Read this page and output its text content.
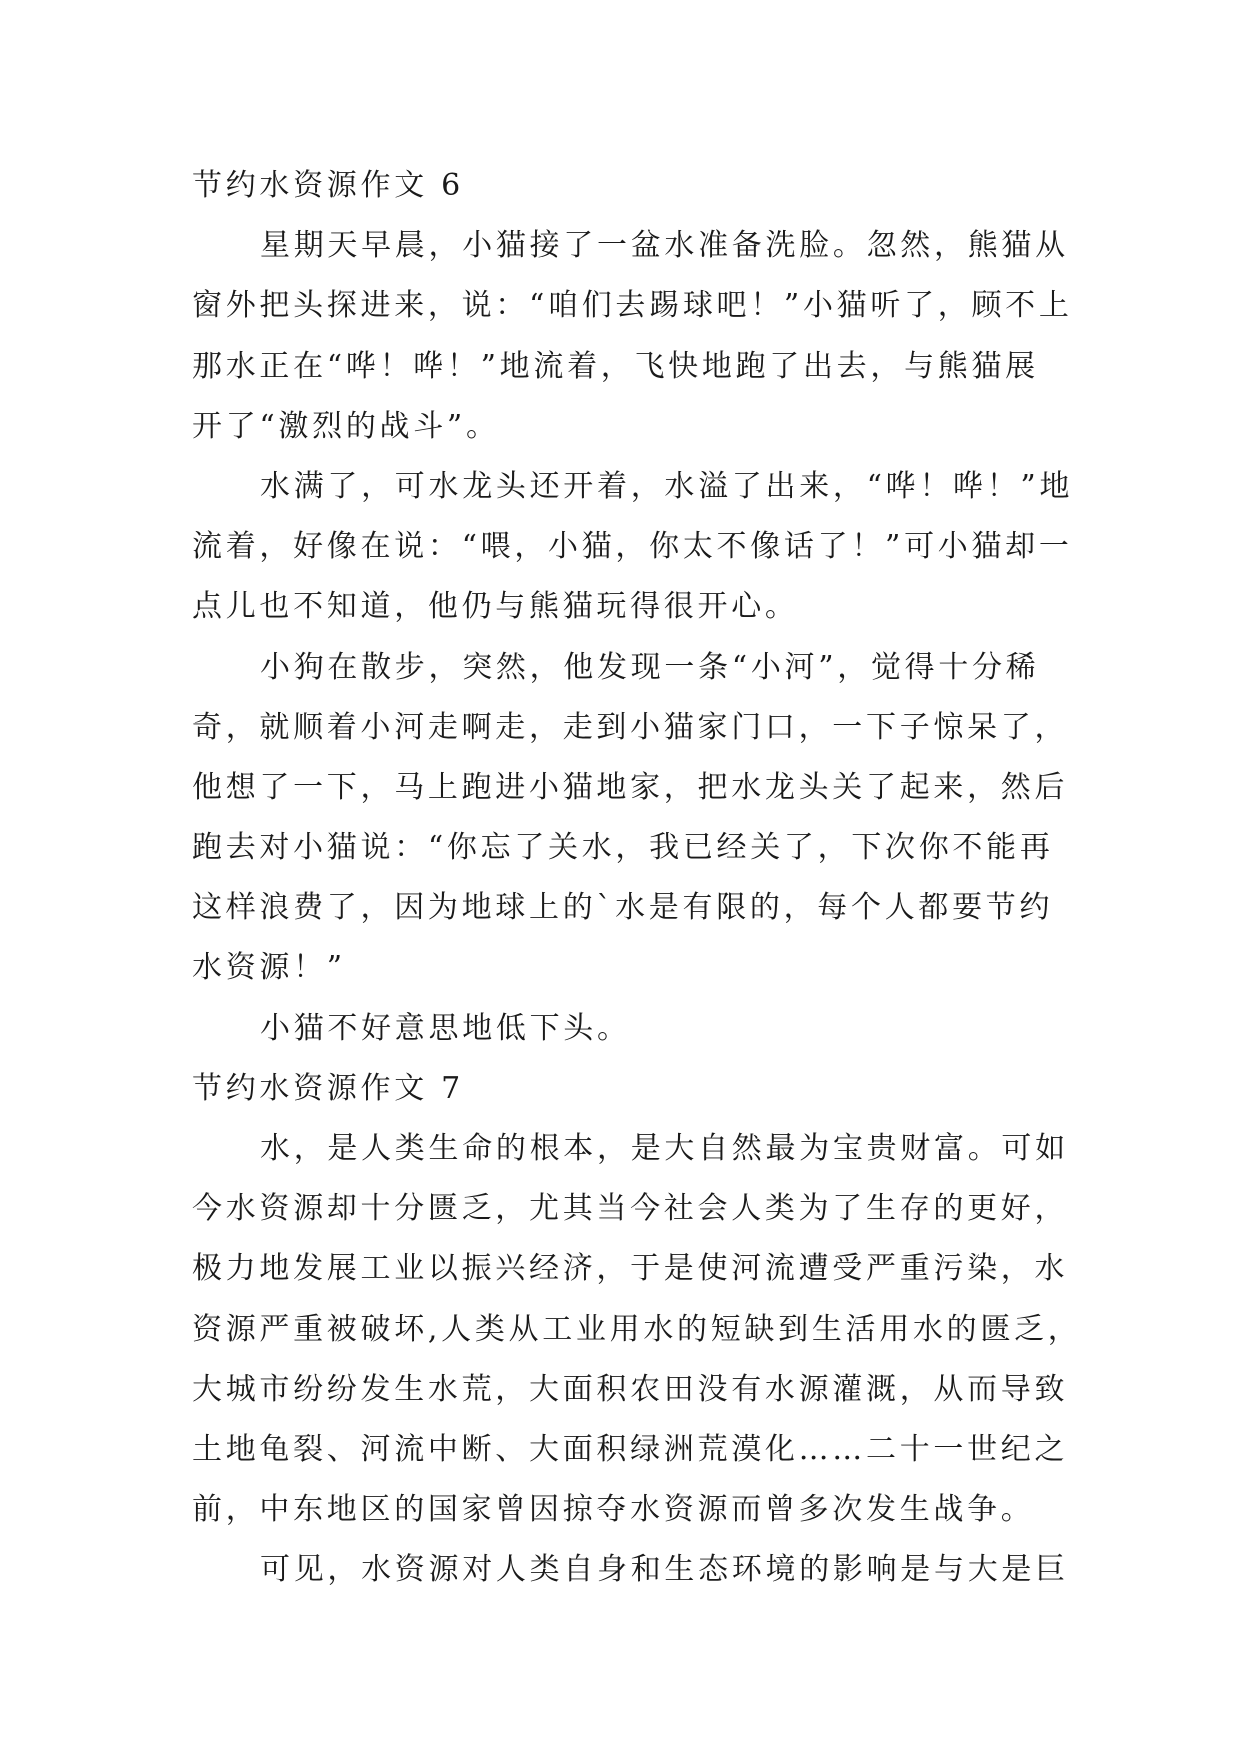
节约水资源作文 6
星期天早晨，小猫接了一盆水准备洗脸。忽然，熊猫从
窗外把头探进来，说：“咱们去踢球吧！”小猫听了，顾不上
那水正在“哗！哗！”地流着，飞快地跑了出去，与熊猫展
开了“激烈的战斗”。
水满了，可水龙头还开着，水溢了出来，“哗！哗！”地
流着，好像在说：“喂，小猫，你太不像话了！”可小猫却一
点儿也不知道，他仍与熊猫玩得很开心。
小狗在散步，突然，他发现一条“小河”，觉得十分稀
奇，就顺着小河走啊走，走到小猫家门口，一下子惊呆了，
他想了一下，马上跑进小猫地家，把水龙头关了起来，然后
跑去对小猫说：“你忘了关水，我已经关了，下次你不能再
这样浪费了，因为地球上的`水是有限的，每个人都要节约
水资源！”
小猫不好意思地低下头。
节约水资源作文 7
水，是人类生命的根本，是大自然最为宝贵财富。可如
今水资源却十分匮乏，尤其当今社会人类为了生存的更好，
极力地发展工业以振兴经济，于是使河流遭受严重污染，水
资源严重被破坏,人类从工业用水的短缺到生活用水的匮乏，
大城市纷纷发生水荒，大面积农田没有水源灌溉，从而导致
土地龟裂、河流中断、大面积绿洲荒漠化……二十一世纪之
前，中东地区的国家曾因掠夺水资源而曾多次发生战争。
可见，水资源对人类自身和生态环境的影响是与大是巨
